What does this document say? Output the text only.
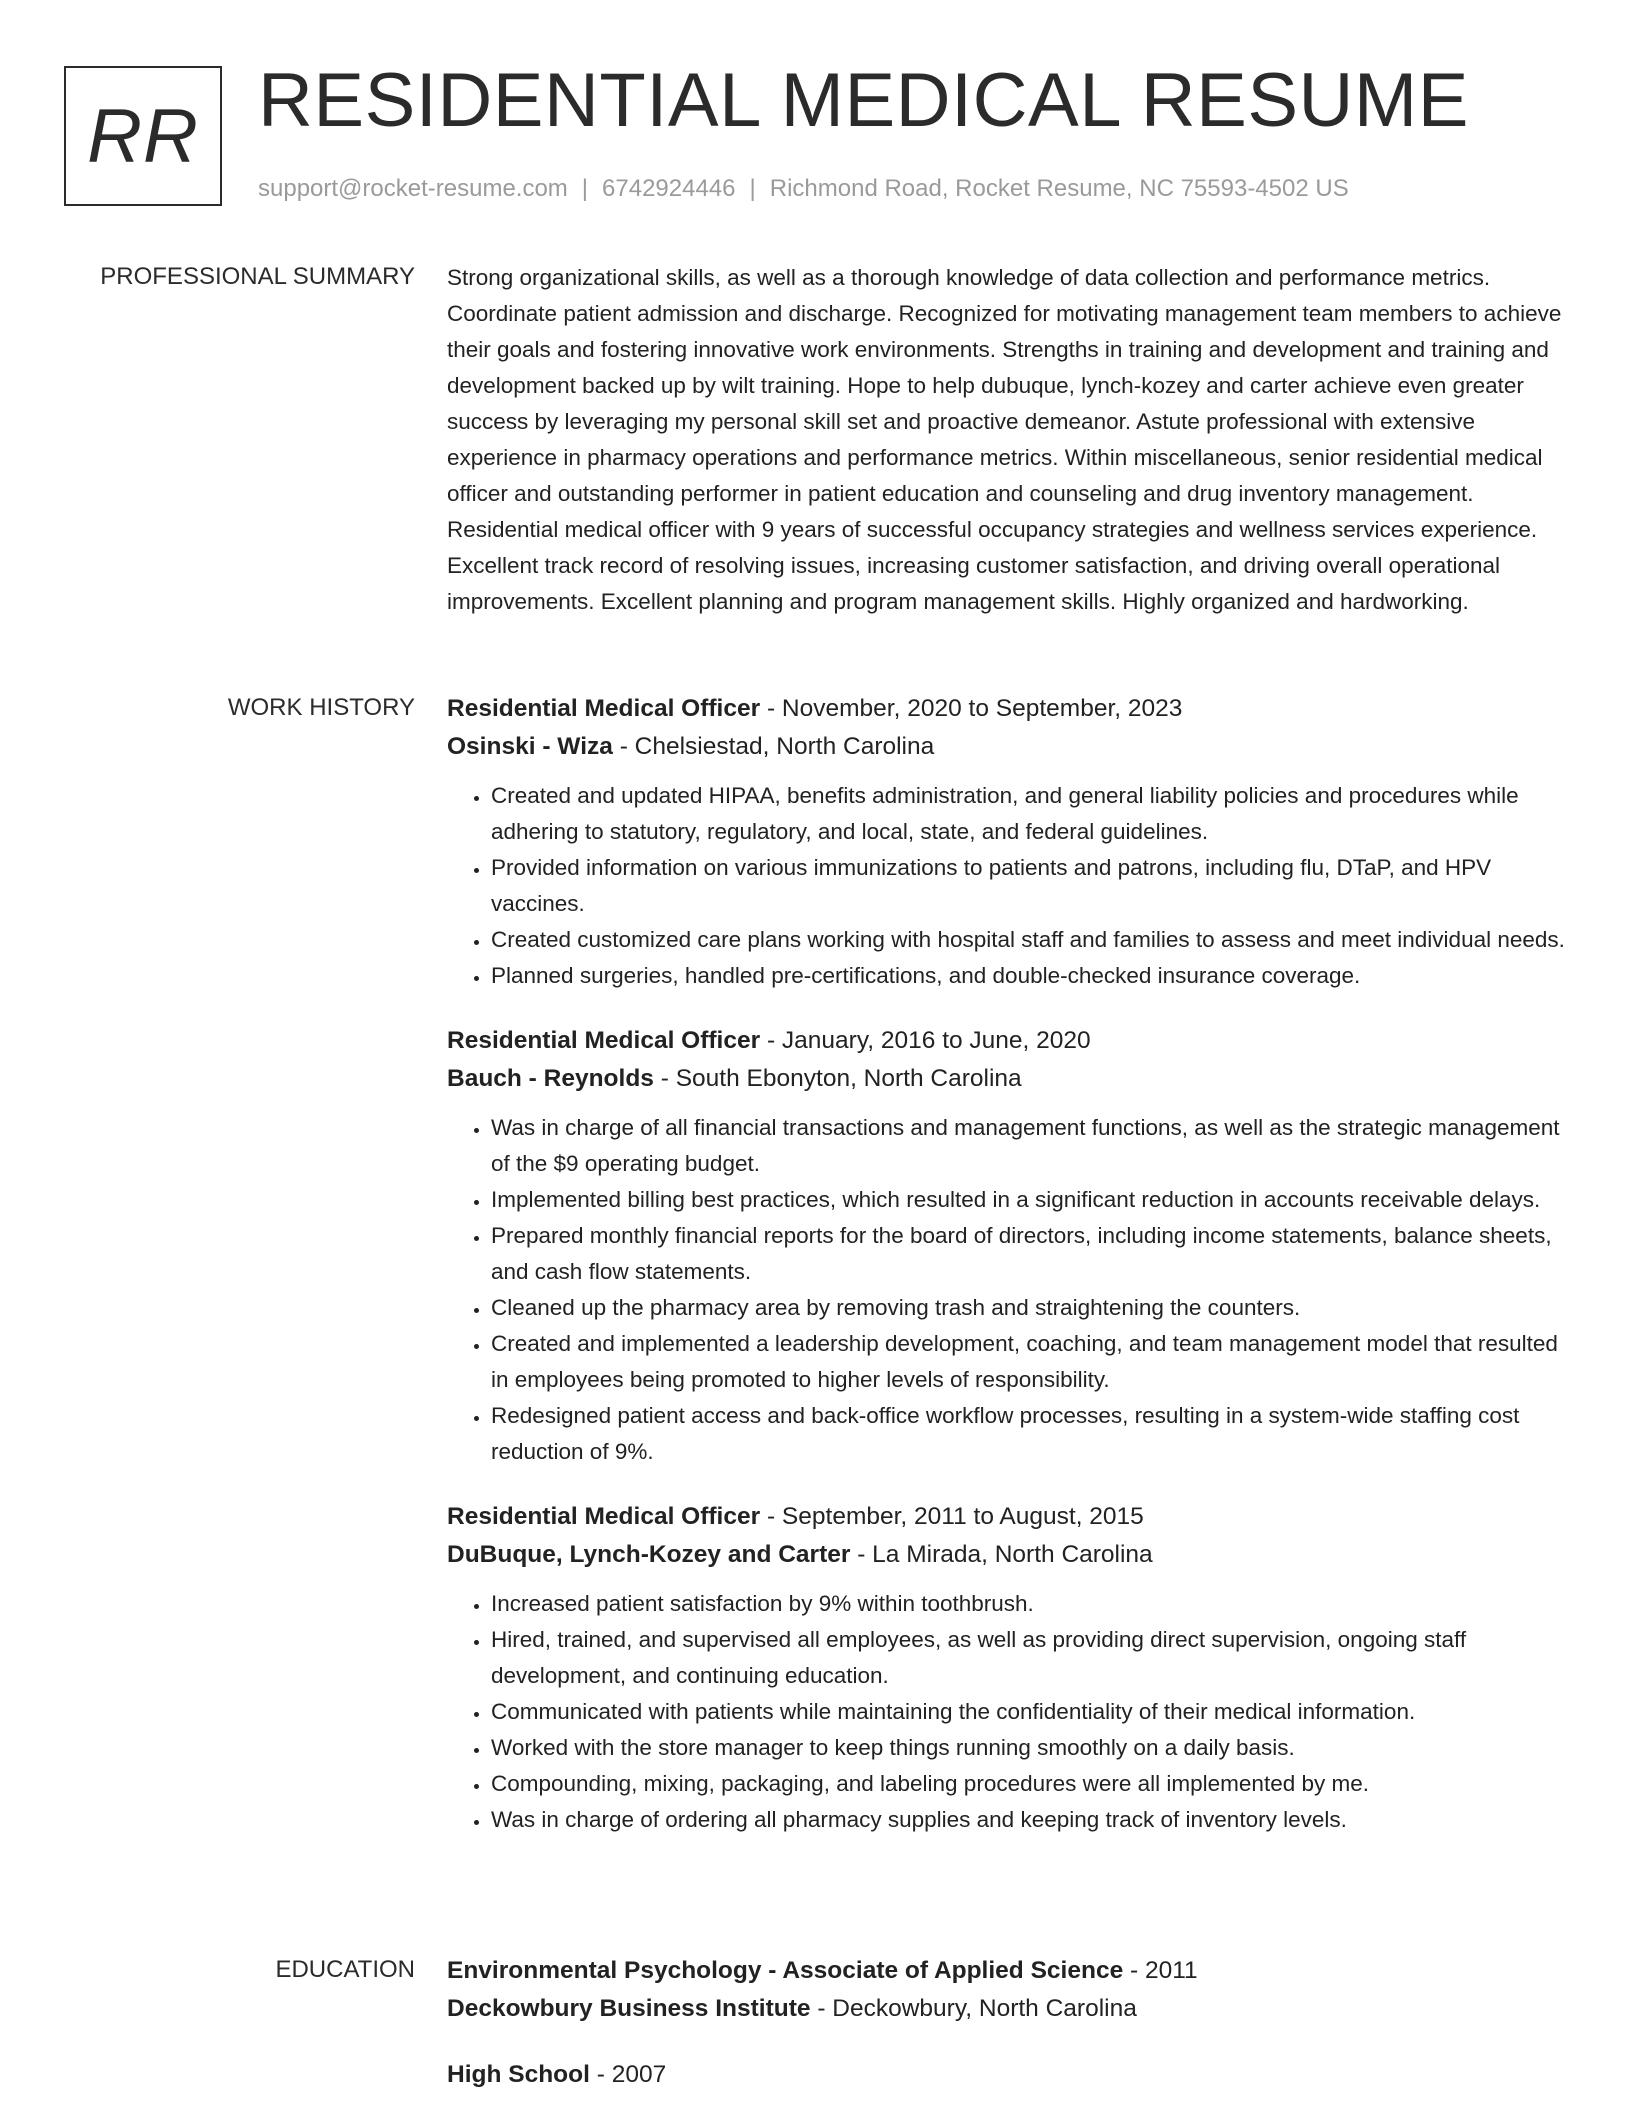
RR RESIDENTIAL MEDICAL RESUME
support@rocket-resume.com | 6742924446 | Richmond Road, Rocket Resume, NC 75593-4502 US
PROFESSIONAL SUMMARY Strong organizational skills, as well as a thorough knowledge of data collection and performance metrics. Coordinate patient admission and discharge. Recognized for motivating management team members to achieve their goals and fostering innovative work environments. Strengths in training and development and training and development backed up by wilt training. Hope to help dubuque, lynch-kozey and carter achieve even greater success by leveraging my personal skill set and proactive demeanor. Astute professional with extensive experience in pharmacy operations and performance metrics. Within miscellaneous, senior residential medical officer and outstanding performer in patient education and counseling and drug inventory management. Residential medical officer with 9 years of successful occupancy strategies and wellness services experience. Excellent track record of resolving issues, increasing customer satisfaction, and driving overall operational improvements. Excellent planning and program management skills. Highly organized and hardworking.

WORK HISTORY Residential Medical Officer - November, 2020 to September, 2023
Osinski - Wiza - Chelsiestad, North Carolina
• Created and updated HIPAA, benefits administration, and general liability policies and procedures while adhering to statutory, regulatory, and local, state, and federal guidelines.
• Provided information on various immunizations to patients and patrons, including flu, DTaP, and HPV vaccines.
• Created customized care plans working with hospital staff and families to assess and meet individual needs.
• Planned surgeries, handled pre-certifications, and double-checked insurance coverage.
Residential Medical Officer - January, 2016 to June, 2020
Bauch - Reynolds - South Ebonyton, North Carolina
• Was in charge of all financial transactions and management functions, as well as the strategic management of the $9 operating budget.
• Implemented billing best practices, which resulted in a significant reduction in accounts receivable delays.
• Prepared monthly financial reports for the board of directors, including income statements, balance sheets, and cash flow statements.
• Cleaned up the pharmacy area by removing trash and straightening the counters.
• Created and implemented a leadership development, coaching, and team management model that resulted in employees being promoted to higher levels of responsibility.
• Redesigned patient access and back-office workflow processes, resulting in a system-wide staffing cost reduction of 9%.
Residential Medical Officer - September, 2011 to August, 2015
DuBuque, Lynch-Kozey and Carter - La Mirada, North Carolina
• Increased patient satisfaction by 9% within toothbrush.
• Hired, trained, and supervised all employees, as well as providing direct supervision, ongoing staff development, and continuing education.
• Communicated with patients while maintaining the confidentiality of their medical information.
• Worked with the store manager to keep things running smoothly on a daily basis.
• Compounding, mixing, packaging, and labeling procedures were all implemented by me.
• Was in charge of ordering all pharmacy supplies and keeping track of inventory levels.
EDUCATION Environmental Psychology - Associate of Applied Science - 2011
Deckowbury Business Institute - Deckowbury, North Carolina
High School - 2007
